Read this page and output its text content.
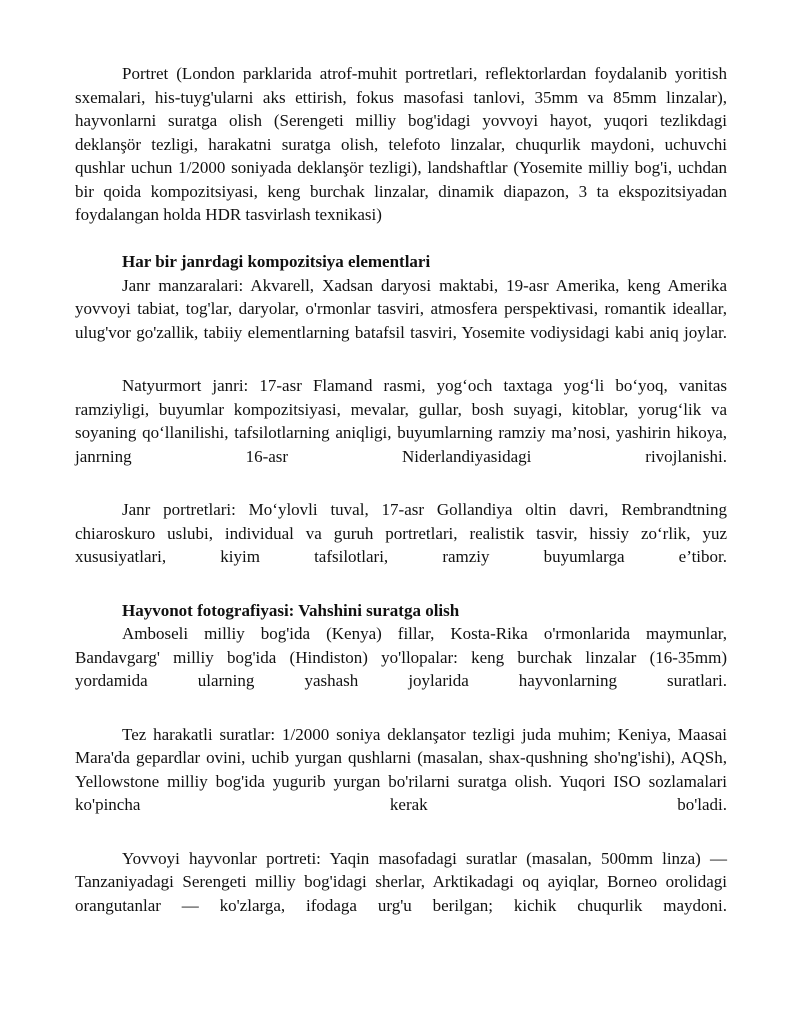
Portret (London parklarida atrof-muhit portretlari, reflektorlardan foydalanib yoritish sxemalari, his-tuyg'ularni aks ettirish, fokus masofasi tanlovi, 35mm va 85mm linzalar), hayvonlarni suratga olish (Serengeti milliy bog'idagi yovvoyi hayot, yuqori tezlikdagi deklanşör tezligi, harakatni suratga olish, telefoto linzalar, chuqurlik maydoni, uchuvchi qushlar uchun 1/2000 soniyada deklanşör tezligi), landshaftlar (Yosemite milliy bog'i, uchdan bir qoida kompozitsiyasi, keng burchak linzalar, dinamik diapazon, 3 ta ekspozitsiyadan foydalangan holda HDR tasvirlash texnikasi)

Har bir janrdagi kompozitsiya elementlari

Janr manzaralari: Akvarell, Xadsan daryosi maktabi, 19-asr Amerika, keng Amerika yovvoyi tabiat, tog'lar, daryolar, o'rmonlar tasviri, atmosfera perspektivasi, romantik ideallar, ulug'vor go'zallik, tabiiy elementlarning batafsil tasviri, Yosemite vodiysidagi kabi aniq joylar.

Natyurmort janri: 17-asr Flamand rasmi, yog‘och taxtaga yog‘li bo‘yoq, vanitas ramziyligi, buyumlar kompozitsiyasi, mevalar, gullar, bosh suyagi, kitoblar, yorug‘lik va soyaning qo‘llanilishi, tafsilotlarning aniqligi, buyumlarning ramziy ma’nosi, yashirin hikoya, janrning 16-asr Niderlandiyasidagi rivojlanishi.

Janr portretlari: Mo‘ylovli tuval, 17-asr Gollandiya oltin davri, Rembrandtning chiaroskuro uslubi, individual va guruh portretlari, realistik tasvir, hissiy zo‘rlik, yuz xususiyatlari, kiyim tafsilotlari, ramziy buyumlarga e’tibor.

Hayvonot fotografiyasi: Vahshini suratga olish

Amboseli milliy bog'ida (Kenya) fillar, Kosta-Rika o'rmonlarida maymunlar, Bandavgarg' milliy bog'ida (Hindiston) yo'llopalar: keng burchak linzalar (16-35mm) yordamida ularning yashash joylarida hayvonlarning suratlari.

Tez harakatli suratlar: 1/2000 soniya deklanşator tezligi juda muhim; Keniya, Maasai Mara'da gepardlar ovini, uchib yurgan qushlarni (masalan, shax-qushning sho'ng'ishi), AQSh, Yellowstone milliy bog'ida yugurib yurgan bo'rilarni suratga olish. Yuqori ISO sozlamalari ko'pincha kerak bo'ladi.

Yovvoyi hayvonlar portreti: Yaqin masofadagi suratlar (masalan, 500mm linza) — Tanzaniyadagi Serengeti milliy bog'idagi sherlar, Arktikadagi oq ayiqlar, Borneo orolidagi orangutanlar — ko'zlarga, ifodaga urg'u berilgan; kichik chuqurlik maydoni.
